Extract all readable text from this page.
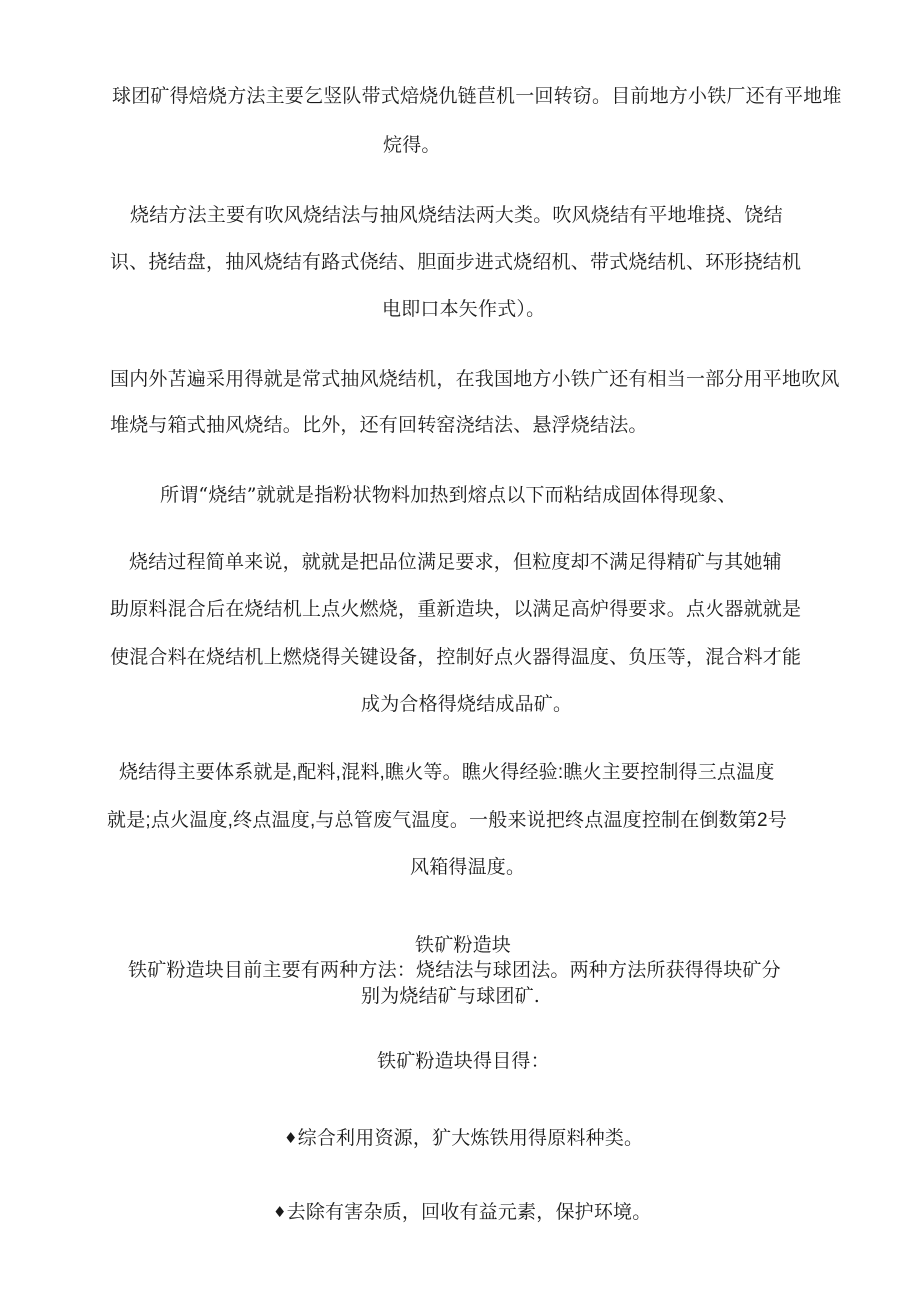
球团矿得焙烧方法主要乞竖队带式焙烧仇链苣机一回转窃。目前地方小铁厂还有平地堆
烷得。
烧结方法主要有吹风烧结法与抽风烧结法两大类。吹风烧结有平地堆挠、饶结
识、挠结盘，抽风烧结有路式侥结、胆面步进式烧绍机、带式烧结机、环形挠结机
电即口本矢作式）。
国内外苫遍采用得就是常式抽风烧结机，在我国地方小铁广还有相当一部分用平地吹风
堆烧与箱式抽风烧结。比外，还有回转窑浇结法、悬浮烧结法。
所谓“烧结”就就是指粉状物料加热到熔点以下而粘结成固体得现象、
烧结过程简单来说，就就是把品位满足要求，但粒度却不满足得精矿与其她辅
助原料混合后在烧结机上点火燃烧，重新造块，以满足高炉得要求。点火器就就是
使混合料在烧结机上燃烧得关键设备，控制好点火器得温度、负压等，混合料才能
成为合格得烧结成品矿。
烧结得主要体系就是,配料,混料,瞧火等。瞧火得经验:瞧火主要控制得三点温度
就是;点火温度,终点温度,与总管废气温度。一般来说把终点温度控制在倒数第2号
风箱得温度。
铁矿粉造块
铁矿粉造块目前主要有两种方法：烧结法与球团法。两种方法所获得得块矿分
别为烧结矿与球团矿.
铁矿粉造块得目得：
♦综合利用资源，犷大炼铁用得原料种类。
♦去除有害杂质，回收有益元素，保护环境。
